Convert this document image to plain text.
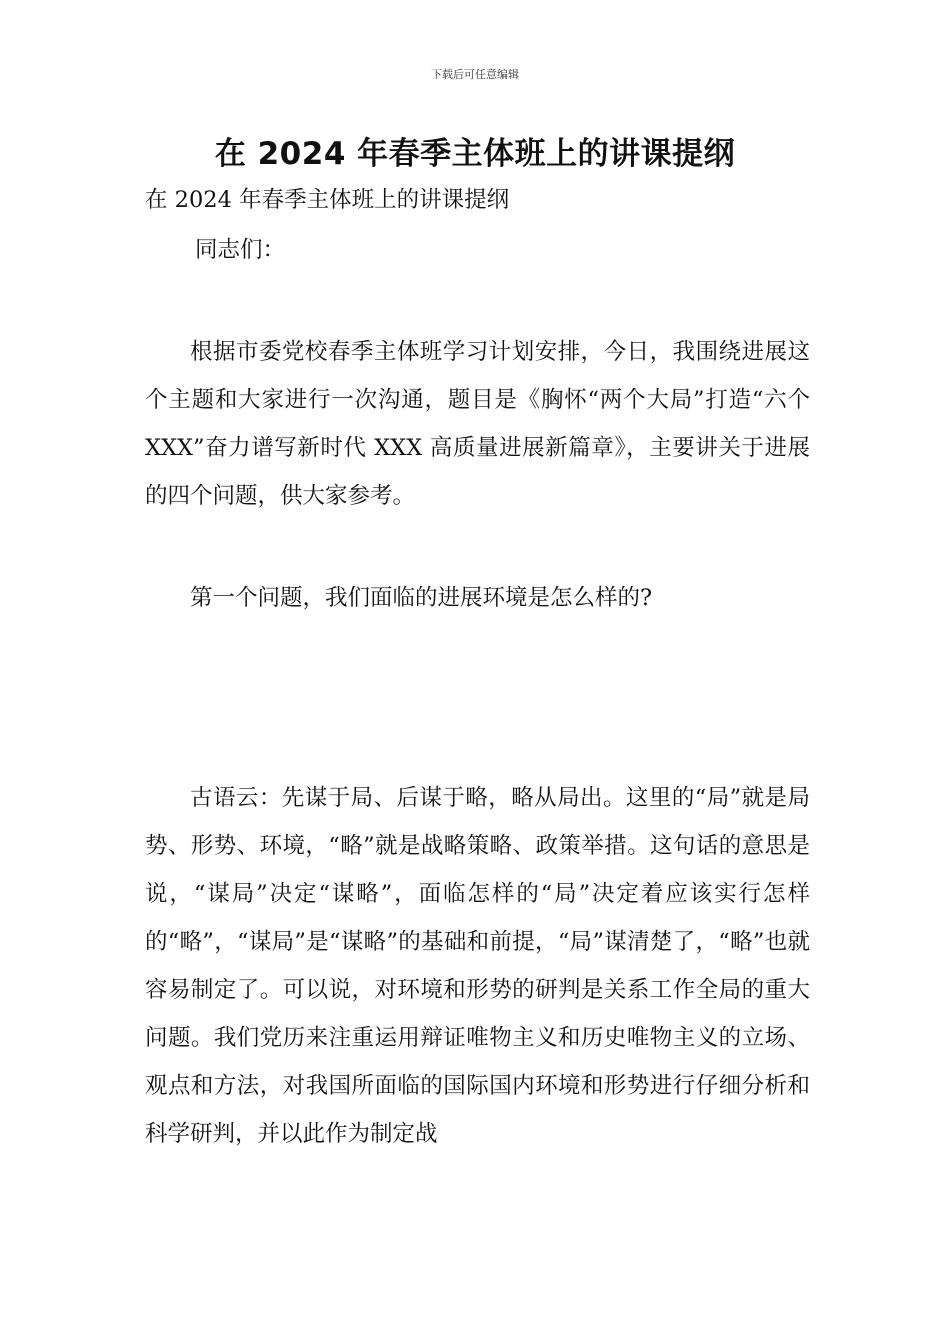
下载后可任意编辑
在 2024 年春季主体班上的讲课提纲

在 2024 年春季主体班上的讲课提纲

同志们：

根据市委党校春季主体班学习计划安排，今日，我围绕进展这个主题和大家进行一次沟通，题目是《胸怀“两个大局”打造“六个 XXX”奋力谱写新时代 XXX 高质量进展新篇章》，主要讲关于进展的四个问题，供大家参考。

第一个问题，我们面临的进展环境是怎么样的?

古语云：先谋于局、后谋于略，略从局出。这里的“局”就是局势、形势、环境，“略”就是战略策略、政策举措。这句话的意思是说，“谋局”决定“谋略”，面临怎样的“局”决定着应该实行怎样的“略”，“谋局”是“谋略”的基础和前提，“局”谋清楚了，“略”也就容易制定了。可以说，对环境和形势的研判是关系工作全局的重大问题。我们党历来注重运用辩证唯物主义和历史唯物主义的立场、观点和方法，对我国所面临的国际国内环境和形势进行仔细分析和科学研判，并以此作为制定战
